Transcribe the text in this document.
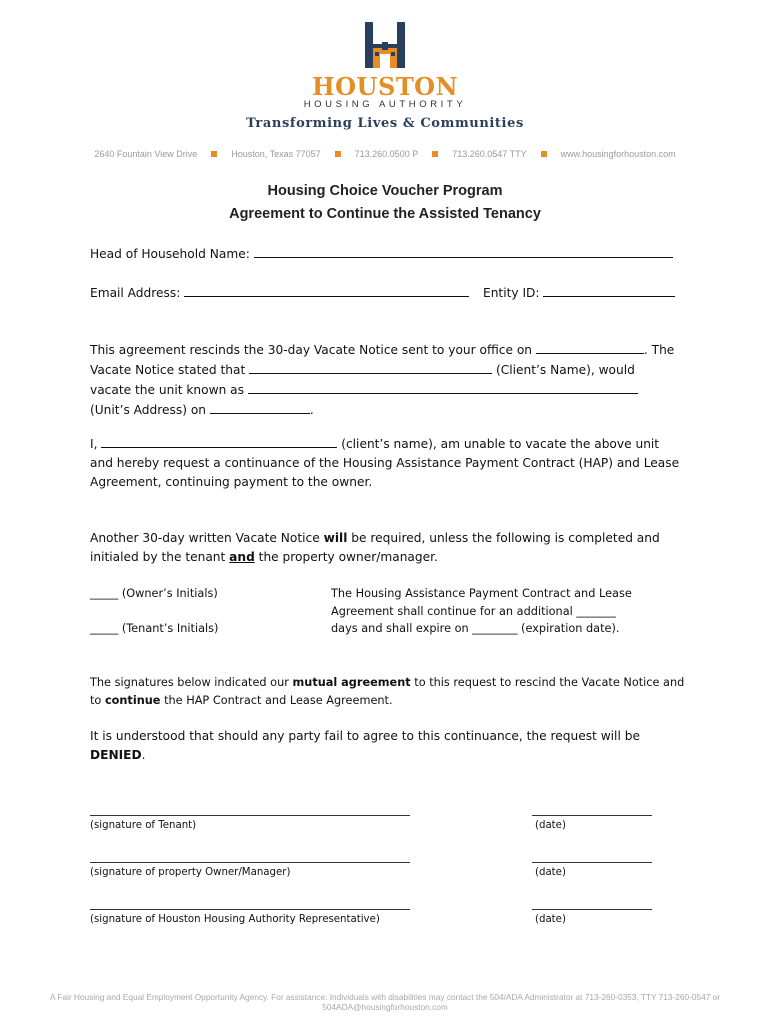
HOUSTON
HOUSING AUTHORITY
Transforming Lives & Communities
2640 Fountain View Drive	Houston, Texas 77057	713.260.0500 P	713.260.0547 TTY	www.housingforhouston.com
Housing Choice Voucher Program
Agreement to Continue the Assisted Tenancy
Head of Household Name:
Email Address:	Entity ID:
This agreement rescinds the 30-day Vacate Notice sent to your office on	. The
Vacate Notice stated that	(Client’s Name), would
vacate the unit known as
(Unit’s Address) on	.
I,	(client’s name), am unable to vacate the above unit
and hereby request a continuance of the Housing Assistance Payment Contract (HAP) and Lease
Agreement, continuing payment to the owner.
Another 30-day written Vacate Notice will be required, unless the following is completed and
initialed by the tenant and the property owner/manager.
_____ (Owner’s Initials)
_____ (Tenant’s Initials)
The Housing Assistance Payment Contract and Lease
Agreement shall continue for an additional _______
days and shall expire on ________ (expiration date).
The signatures below indicated our mutual agreement to this request to rescind the Vacate Notice and
to continue the HAP Contract and Lease Agreement.
It is understood that should any party fail to agree to this continuance, the request will be
DENIED.
(signature of Tenant)	(date)
(signature of property Owner/Manager)	(date)
(signature of Houston Housing Authority Representative)	(date)
A Fair Housing and Equal Employment Opportunity Agency. For assistance: Individuals with disabilities may contact the 504/ADA Administrator at 713-260-0353, TTY 713-260-0547 or 504ADA@housingforhouston.com
